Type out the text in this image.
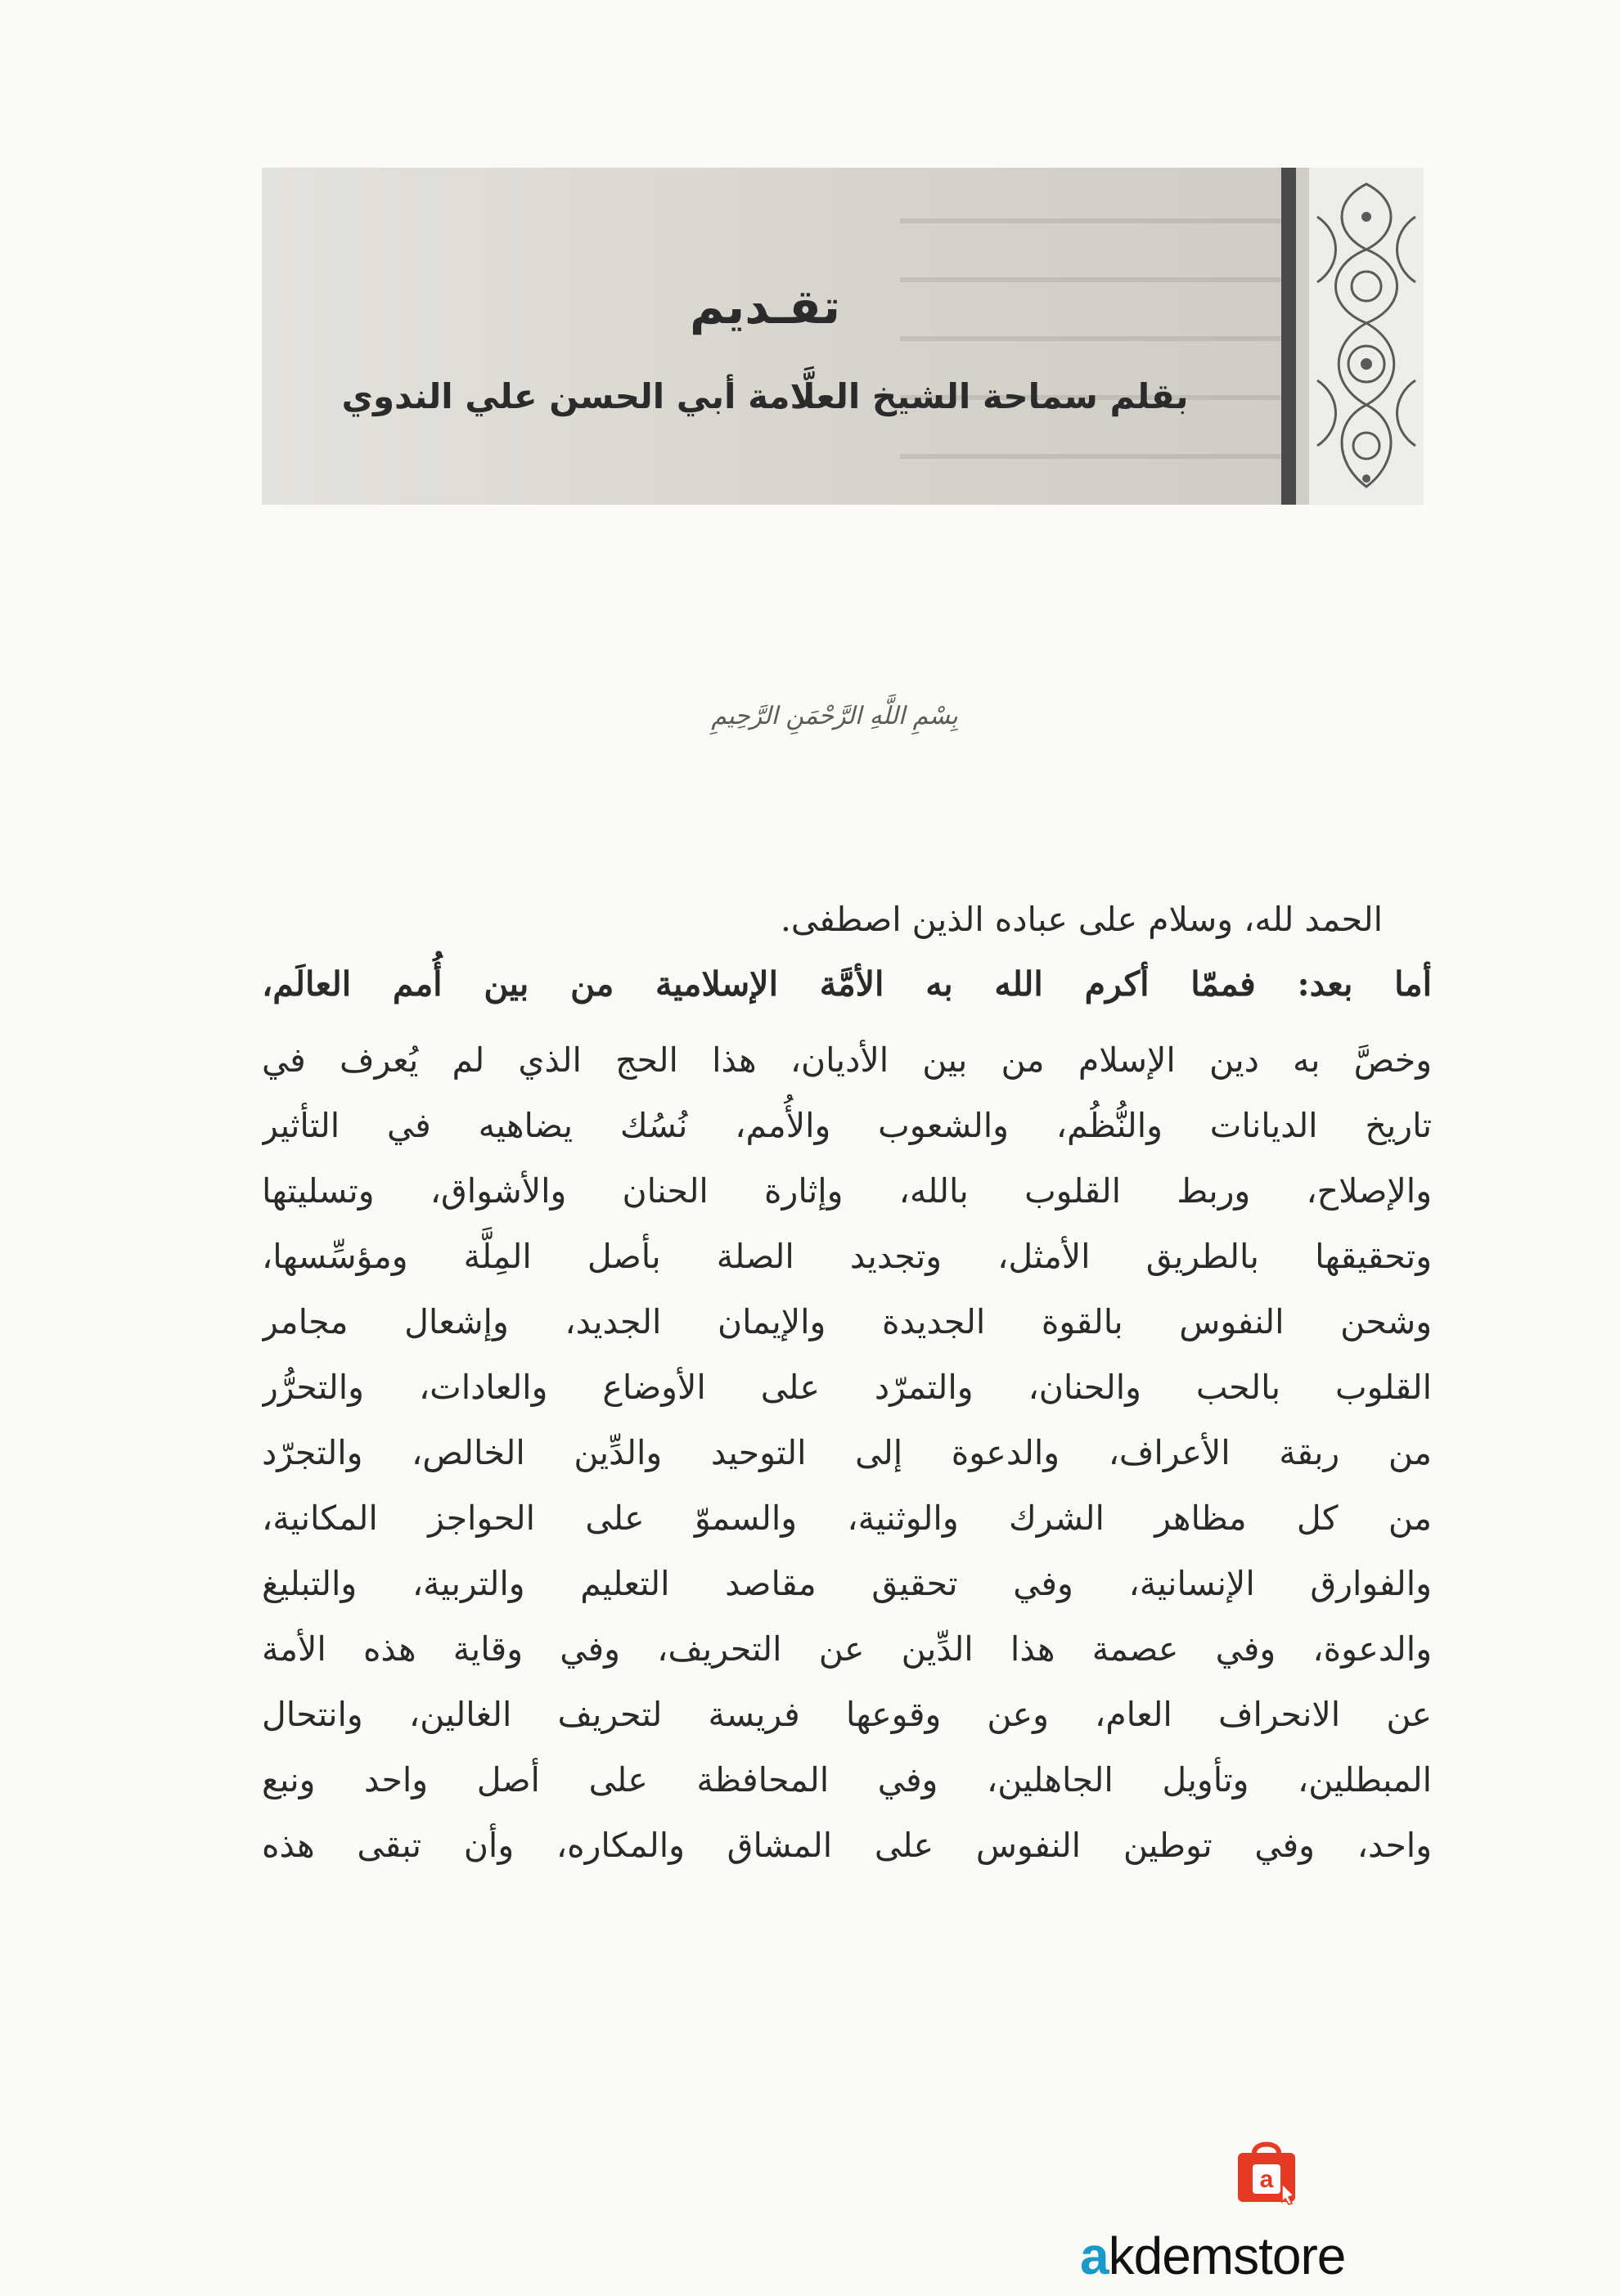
تقـديم
بقلم سماحة الشيخ العلَّامة أبي الحسن علي الندوي
بِسْمِ اللَّهِ الرَّحْمَنِ الرَّحِيمِ
الحمد لله، وسلام على عباده الذين اصطفى.
أما بعد: فممّا أكرم الله به الأمَّة الإسلامية من بين أُمم العالَم،
وخصَّ به دين الإسلام من بين الأديان، هذا الحج الذي لم يُعرف في
تاريخ الديانات والنُّظُم، والشعوب والأُمم، نُسُك يضاهيه في التأثير
والإصلاح، وربط القلوب بالله، وإثارة الحنان والأشواق، وتسليتها
وتحقيقها بالطريق الأمثل، وتجديد الصلة بأصل المِلَّة ومؤسِّسها،
وشحن النفوس بالقوة الجديدة والإيمان الجديد، وإشعال مجامر
القلوب بالحب والحنان، والتمرّد على الأوضاع والعادات، والتحرُّر
من ربقة الأعراف، والدعوة إلى التوحيد والدِّين الخالص، والتجرّد
من كل مظاهر الشرك والوثنية، والسموّ على الحواجز المكانية،
والفوارق الإنسانية، وفي تحقيق مقاصد التعليم والتربية، والتبليغ
والدعوة، وفي عصمة هذا الدِّين عن التحريف، وفي وقاية هذه الأمة
عن الانحراف العام، وعن وقوعها فريسة لتحريف الغالين، وانتحال
المبطلين، وتأويل الجاهلين، وفي المحافظة على أصل واحد ونبع
واحد، وفي توطين النفوس على المشاق والمكاره، وأن تبقى هذه
a
akdemstore
